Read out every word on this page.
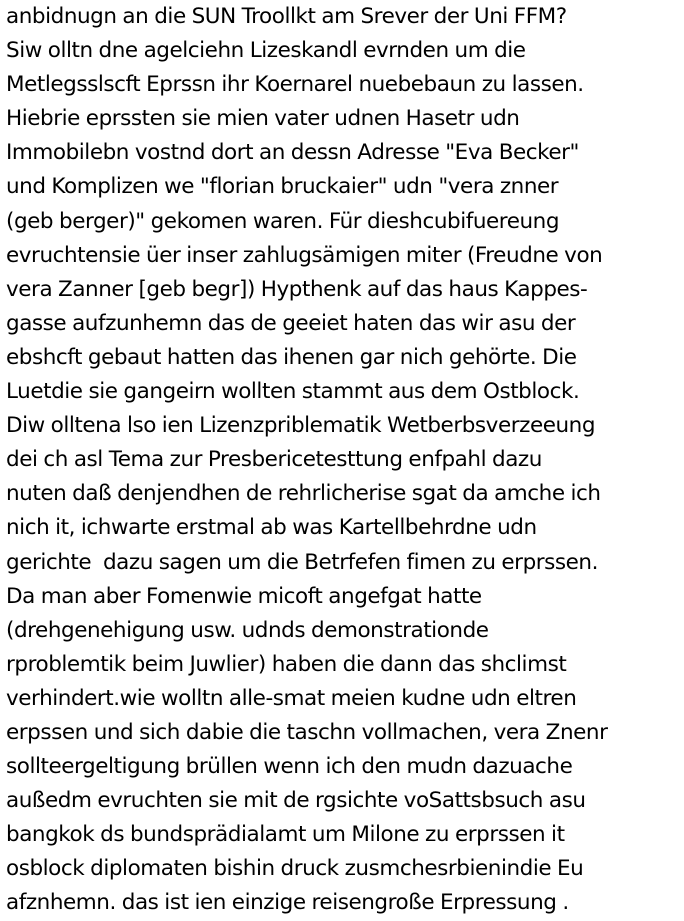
anbidnugn an die SUN Troollkt am Srever der Uni FFM?
Siw olltn dne agelciehn Lizeskandl evrnden um die
Metlegsslscft Eprssn ihr Koernarel nuebebaun zu lassen.
Hiebrie eprssten sie mien vater udnen Hasetr udn
Immobilebn vostnd dort an dessn Adresse "Eva Becker"
und Komplizen we "florian bruckaier" udn "vera znner
(geb berger)" gekomen waren. Für dieshcubifuereung
evruchtensie üer inser zahlugsämigen miter (Freudne von
vera Zanner [geb begr]) Hypthenk auf das haus Kappes-
gasse aufzunhemn das de geeiet haten das wir asu der
ebshcft gebaut hatten das ihenen gar nich gehörte. Die
Luetdie sie gangeirn wollten stammt aus dem Ostblock.
Diw olltena lso ien Lizenzpriblematik Wetberbsverzeeung
dei ch asl Tema zur Presbericetesttung enfpahl dazu
nuten daß denjendhen de rehrlicherise sgat da amche ich
nich it, ichwarte erstmal ab was Kartellbehrdne udn
gerichte  dazu sagen um die Betrfefen fimen zu erprssen.
Da man aber Fomenwie micoft angefgat hatte
(drehgenehigung usw. udnds demonstrationde
rproblemtik beim Juwlier) haben die dann das shclimst
verhindert.wie wolltn alle-smat meien kudne udn eltren
erpssen und sich dabie die taschn vollmachen, vera Znenr
sollteergeltigung brüllen wenn ich den mudn dazuache
außedm evruchten sie mit de rgsichte voSattsbsuch asu
bangkok ds bundsprädialamt um Milone zu erprssen it
osblock diplomaten bishin druck zusmchesrbienindie Eu
afznhemn. das ist ien einzige reisengroße Erpressung .
